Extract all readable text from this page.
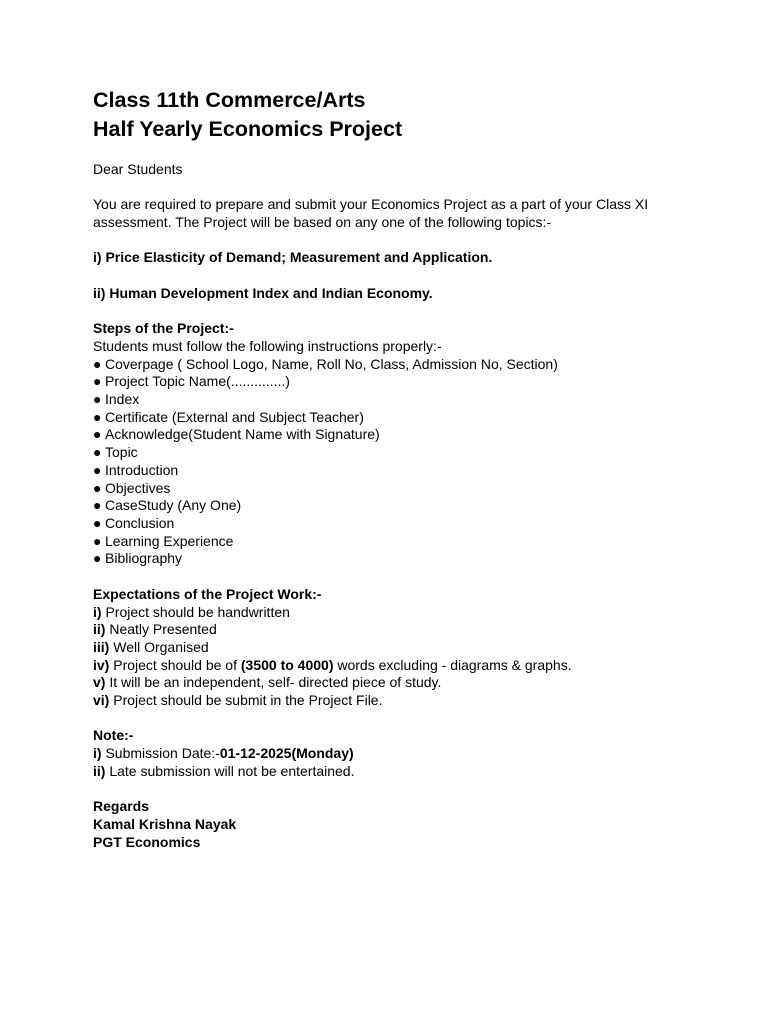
Class 11th Commerce/Arts
Half Yearly Economics Project

Dear Students

You are required to prepare and submit your Economics Project as a part of your Class XI

assessment. The Project will be based on any one of the following topics:-

i) Price Elasticity of Demand; Measurement and Application.

ii) Human Development Index and Indian Economy.

Steps of the Project:-

Students must follow the following instructions properly:-

● Coverpage ( School Logo, Name, Roll No, Class, Admission No, Section)
● Project Topic Name(..............)
● Index
● Certificate (External and Subject Teacher)
● Acknowledge(Student Name with Signature)
● Topic
● Introduction
● Objectives
● CaseStudy (Any One)
● Conclusion
● Learning Experience
● Bibliography

Expectations of the Project Work:-

i) Project should be handwritten

ii) Neatly Presented

iii) Well Organised

iv) Project should be of (3500 to 4000) words excluding - diagrams & graphs.

v) It will be an independent, self- directed piece of study.

vi) Project should be submit in the Project File.

Note:-

i) Submission Date:-01-12-2025(Monday)

ii) Late submission will not be entertained.

Regards

Kamal Krishna Nayak

PGT Economics
